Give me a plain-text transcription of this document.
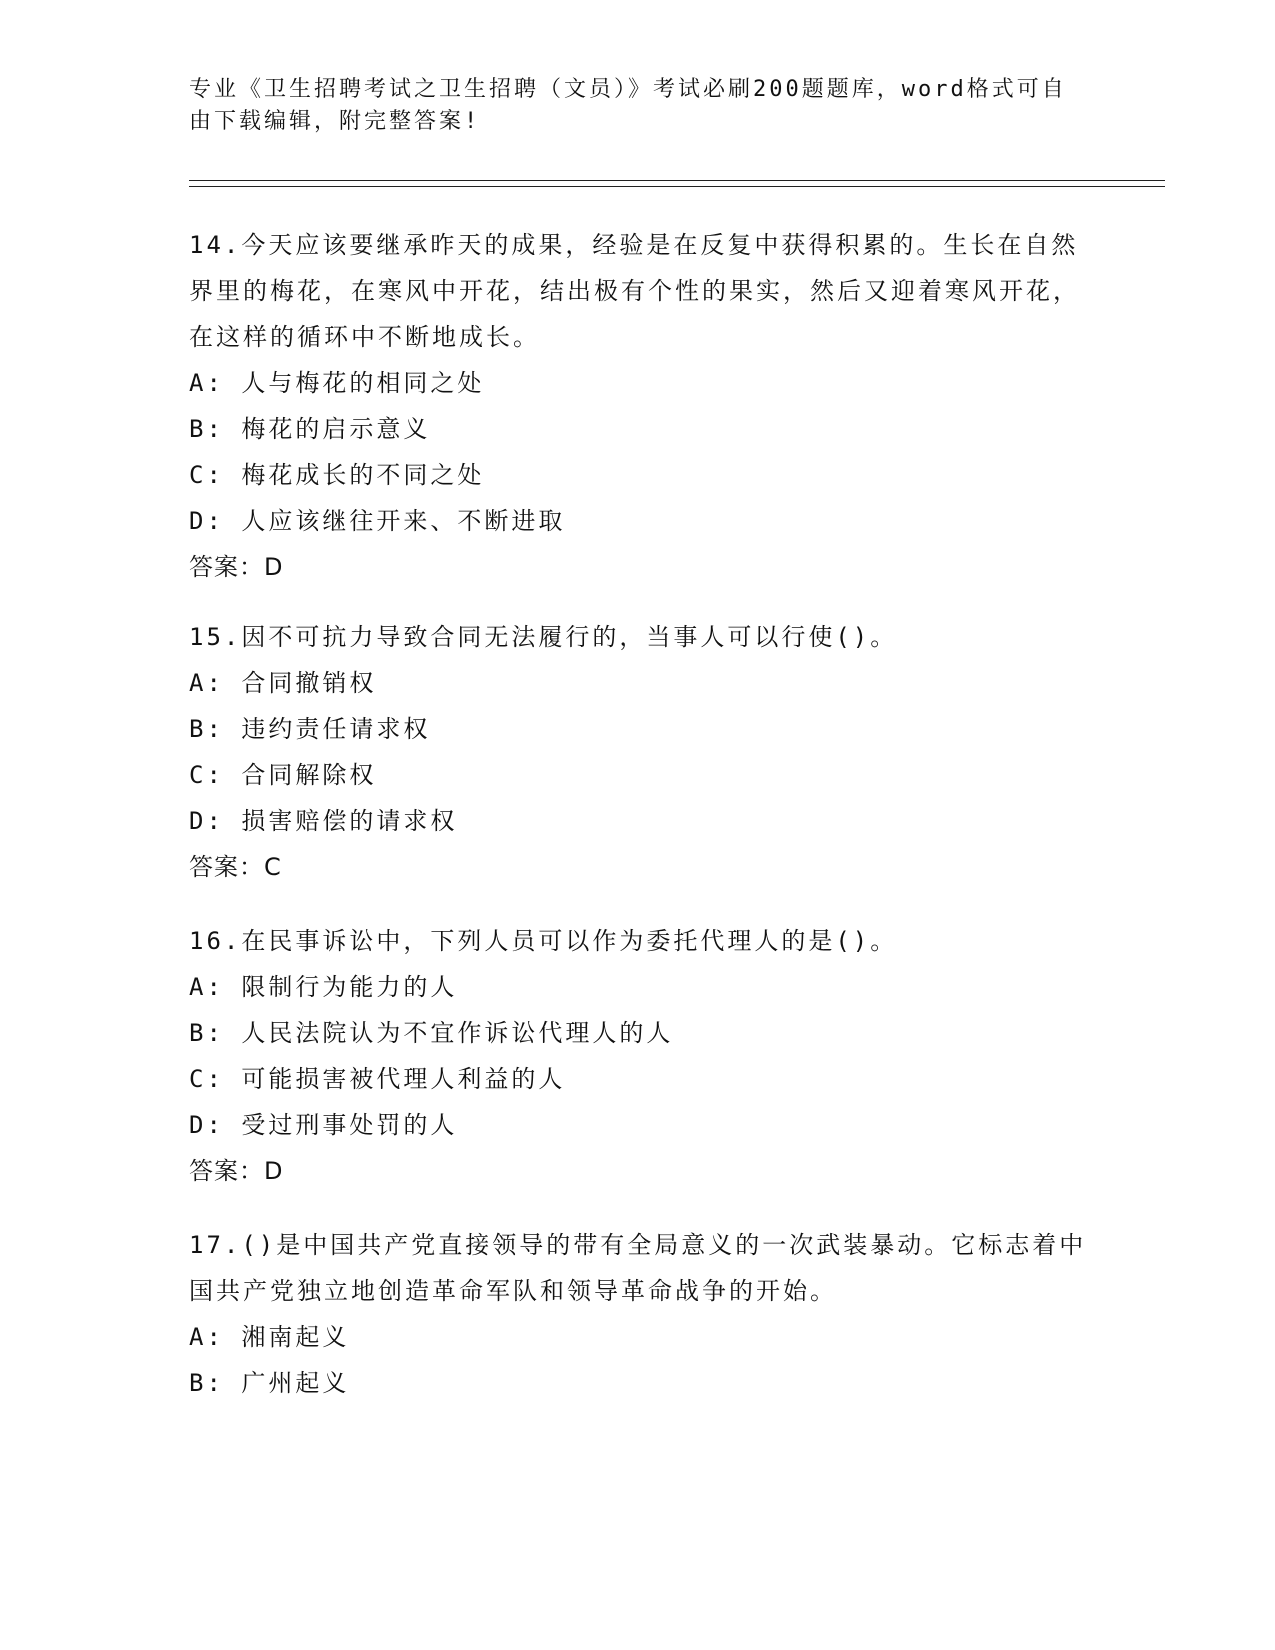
专业《卫生招聘考试之卫生招聘（文员）》考试必刷200题题库，word格式可自由下载编辑，附完整答案!
14.今天应该要继承昨天的成果，经验是在反复中获得积累的。生长在自然界里的梅花，在寒风中开花，结出极有个性的果实，然后又迎着寒风开花，在这样的循环中不断地成长。
A: 人与梅花的相同之处
B: 梅花的启示意义
C: 梅花成长的不同之处
D: 人应该继往开来、不断进取
答案：D
15.因不可抗力导致合同无法履行的，当事人可以行使()。
A: 合同撤销权
B: 违约责任请求权
C: 合同解除权
D: 损害赔偿的请求权
答案：C
16.在民事诉讼中，下列人员可以作为委托代理人的是()。
A: 限制行为能力的人
B: 人民法院认为不宜作诉讼代理人的人
C: 可能损害被代理人利益的人
D: 受过刑事处罚的人
答案：D
17.()是中国共产党直接领导的带有全局意义的一次武装暴动。它标志着中国共产党独立地创造革命军队和领导革命战争的开始。
A: 湘南起义
B: 广州起义
